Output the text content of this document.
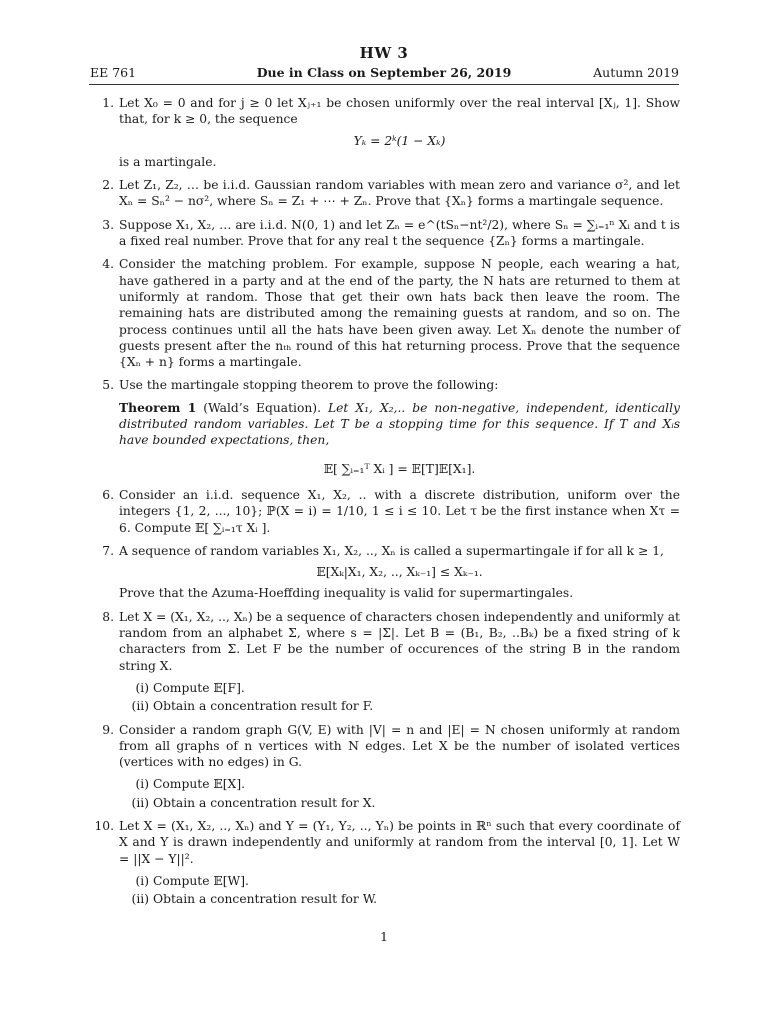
HW 3
EE 761	Due in Class on September 26, 2019	Autumn 2019
1. Let X₀ = 0 and for j ≥ 0 let Xⱼ₊₁ be chosen uniformly over the real interval [Xⱼ, 1]. Show that, for k ≥ 0, the sequence
Yₖ = 2ᵏ(1 − Xₖ)
is a martingale.
2. Let Z₁, Z₂, … be i.i.d. Gaussian random variables with mean zero and variance σ², and let Xₙ = Sₙ² − nσ², where Sₙ = Z₁ + ⋯ + Zₙ. Prove that {Xₙ} forms a martingale sequence.
3. Suppose X₁, X₂, … are i.i.d. N(0, 1) and let Zₙ = e^(tSₙ−nt²/2), where Sₙ = ∑ᵢ₌₁ⁿ Xᵢ and t is a fixed real number. Prove that for any real t the sequence {Zₙ} forms a martingale.
4. Consider the matching problem. For example, suppose N people, each wearing a hat, have gathered in a party and at the end of the party, the N hats are returned to them at uniformly at random. Those that get their own hats back then leave the room. The remaining hats are distributed among the remaining guests at random, and so on. The process continues until all the hats have been given away. Let Xₙ denote the number of guests present after the nₜₕ round of this hat returning process. Prove that the sequence {Xₙ + n} forms a martingale.
5. Use the martingale stopping theorem to prove the following:
Theorem 1 (Wald’s Equation). Let X₁, X₂,.. be non-negative, independent, identically distributed random variables. Let T be a stopping time for this sequence. If T and Xᵢs have bounded expectations, then,
𝔼[ ∑ᵢ₌₁ᵀ Xᵢ ] = 𝔼[T]𝔼[X₁].
6. Consider an i.i.d. sequence X₁, X₂, .. with a discrete distribution, uniform over the integers {1, 2, ..., 10}; ℙ(X = i) = 1/10, 1 ≤ i ≤ 10. Let τ be the first instance when Xτ = 6. Compute 𝔼[ ∑ᵢ₌₁τ Xᵢ ].
7. A sequence of random variables X₁, X₂, .., Xₙ is called a supermartingale if for all k ≥ 1,
𝔼[Xₖ|X₁, X₂, .., Xₖ₋₁] ≤ Xₖ₋₁.
Prove that the Azuma-Hoeffding inequality is valid for supermartingales.
8. Let X = (X₁, X₂, .., Xₙ) be a sequence of characters chosen independently and uniformly at random from an alphabet Σ, where s = |Σ|. Let B = (B₁, B₂, ..Bₖ) be a fixed string of k characters from Σ. Let F be the number of occurences of the string B in the random string X.
(i) Compute 𝔼[F].
(ii) Obtain a concentration result for F.
9. Consider a random graph G(V, E) with |V| = n and |E| = N chosen uniformly at random from all graphs of n vertices with N edges. Let X be the number of isolated vertices (vertices with no edges) in G.
(i) Compute 𝔼[X].
(ii) Obtain a concentration result for X.
10. Let X = (X₁, X₂, .., Xₙ) and Y = (Y₁, Y₂, .., Yₙ) be points in ℝⁿ such that every coordinate of X and Y is drawn independently and uniformly at random from the interval [0, 1]. Let W = ||X − Y||².
(i) Compute 𝔼[W].
(ii) Obtain a concentration result for W.
1
